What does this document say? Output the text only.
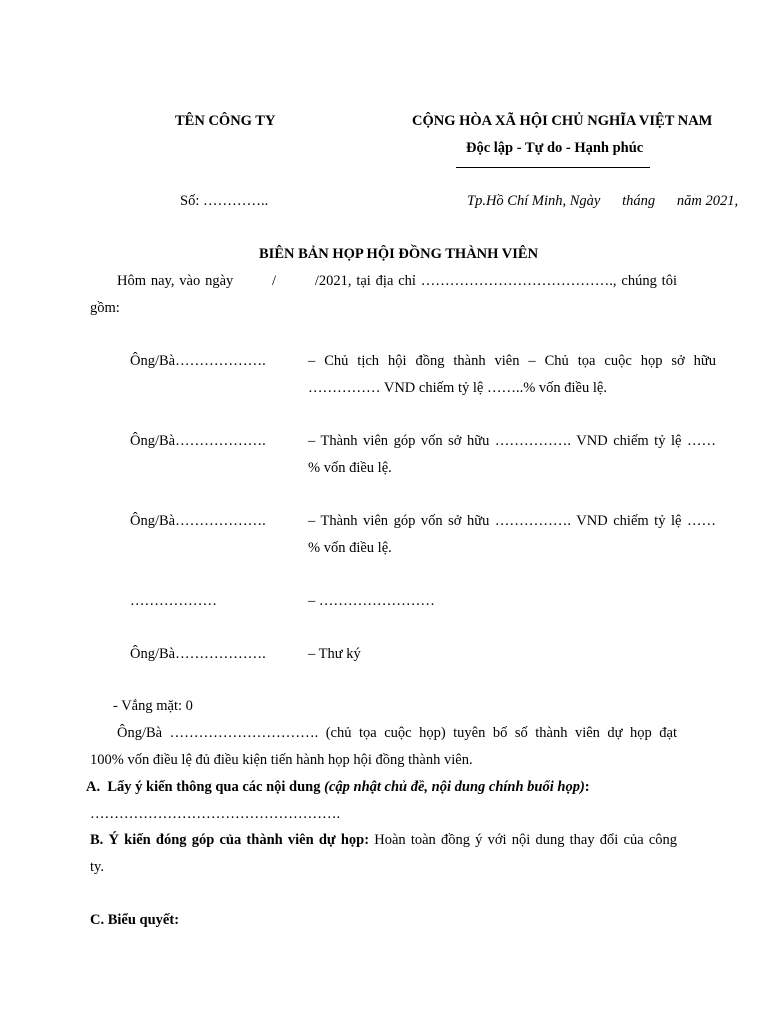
TÊN CÔNG TY	CỘNG HÒA XÃ HỘI CHỦ NGHĨA VIỆT NAM
Độc lập - Tự do - Hạnh phúc
Số: …………..	Tp.Hồ Chí Minh, Ngày      tháng      năm 2021,
BIÊN BẢN HỌP HỘI ĐỒNG THÀNH VIÊN
Hôm nay, vào ngày        /        /2021, tại địa chỉ …………………………………., chúng tôi
gồm:
Ông/Bà……………….	– Chủ tịch hội đồng thành viên – Chủ tọa cuộc họp sở hữu
…………… VND chiếm tỷ lệ ……..% vốn điều lệ.
Ông/Bà……………….	– Thành viên góp vốn sở hữu ……………. VND chiếm tỷ lệ ……
% vốn điều lệ.
Ông/Bà……………….	– Thành viên góp vốn sở hữu ……………. VND chiếm tỷ lệ ……
% vốn điều lệ.
………………	– ……………………
Ông/Bà……………….	– Thư ký
- Vắng mặt: 0
Ông/Bà …………………………. (chủ tọa cuộc họp) tuyên bố số thành viên dự họp đạt
100% vốn điều lệ đủ điều kiện tiến hành họp hội đồng thành viên.
A.  Lấy ý kiến thông qua các nội dung (cập nhật chủ đề, nội dung chính buổi họp):
…………………………………………….
B. Ý kiến đóng góp của thành viên dự họp: Hoàn toàn đồng ý với nội dung thay đổi của công
ty.
C. Biểu quyết:
